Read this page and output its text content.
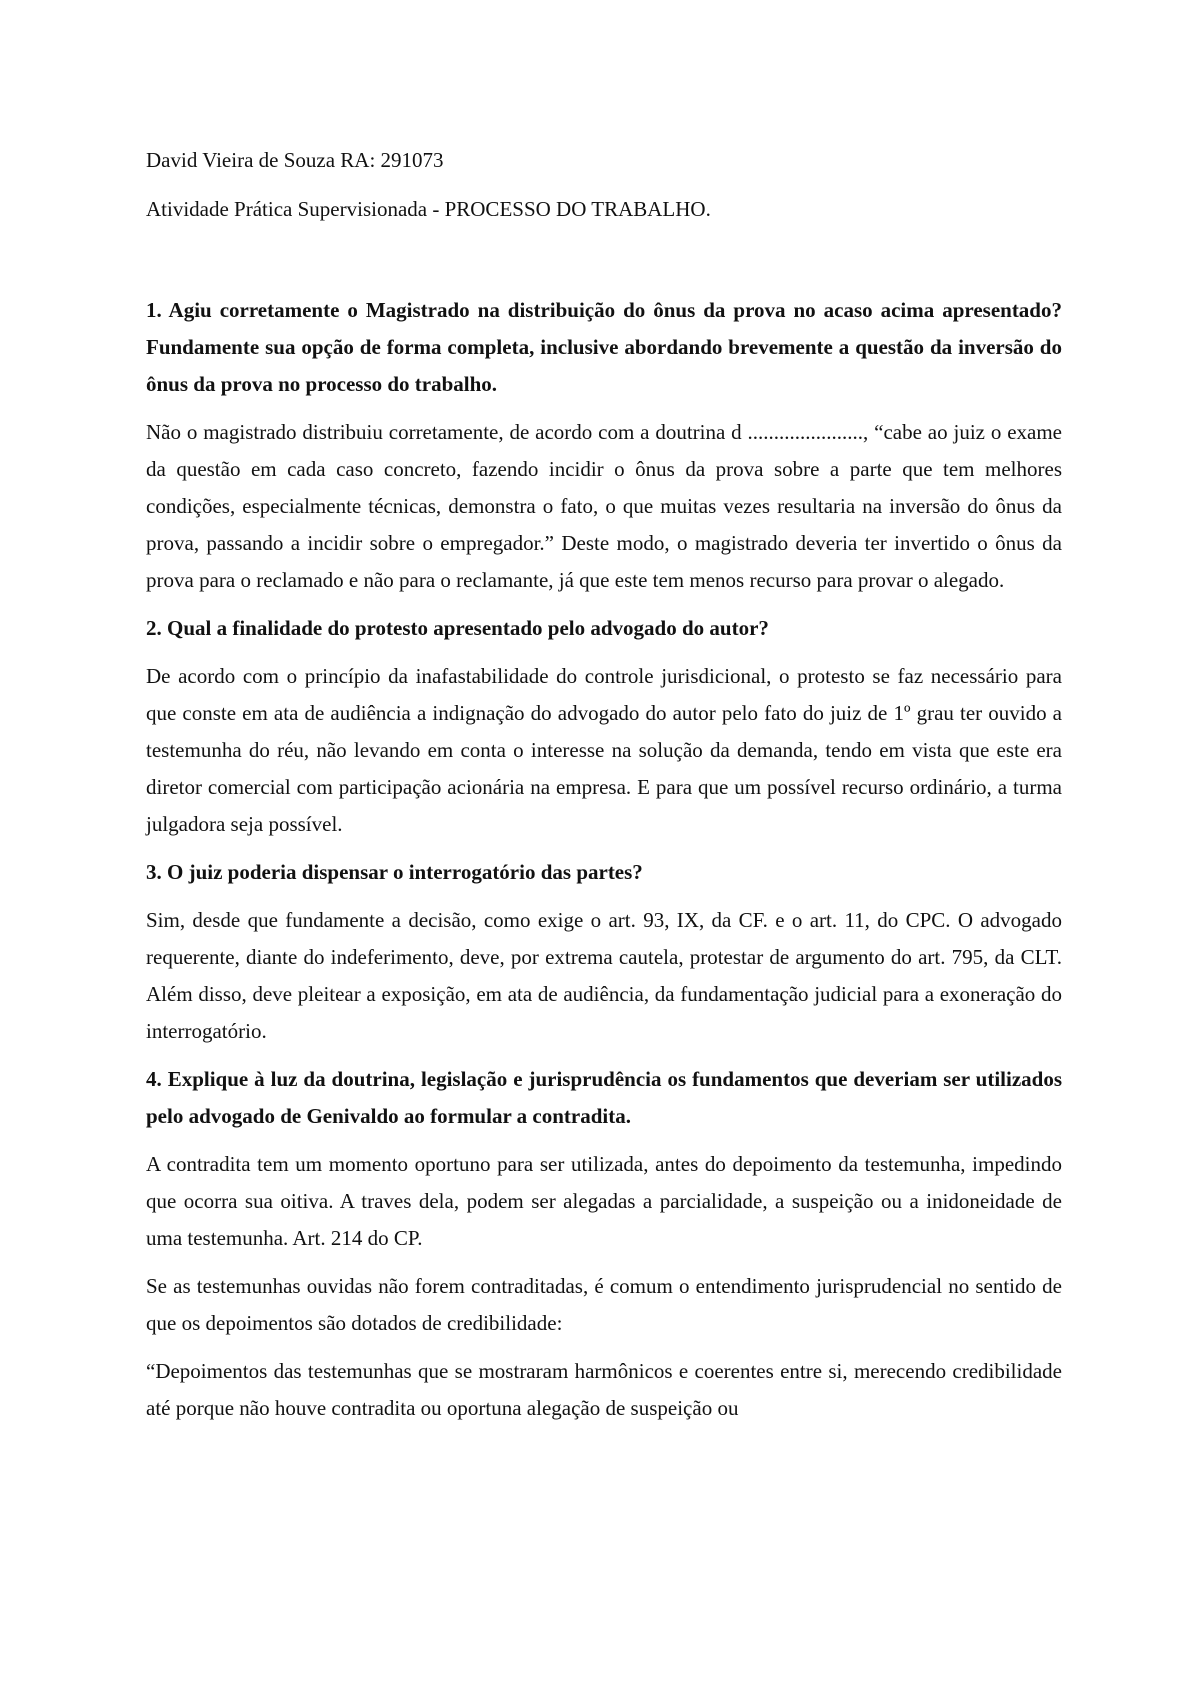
David Vieira de Souza RA: 291073

Atividade Prática Supervisionada - PROCESSO DO TRABALHO.

1. Agiu corretamente o Magistrado na distribuição do ônus da prova no acaso acima apresentado? Fundamente sua opção de forma completa, inclusive abordando brevemente a questão da inversão do ônus da prova no processo do trabalho.

Não o magistrado distribuiu corretamente, de acordo com a doutrina d ......................, “cabe ao juiz o exame da questão em cada caso concreto, fazendo incidir o ônus da prova sobre a parte que tem melhores condições, especialmente técnicas, demonstra o fato, o que muitas vezes resultaria na inversão do ônus da prova, passando a incidir sobre o empregador.” Deste modo, o magistrado deveria ter invertido o ônus da prova para o reclamado e não para o reclamante, já que este tem menos recurso para provar o alegado.

2. Qual a finalidade do protesto apresentado pelo advogado do autor?

De acordo com o princípio da inafastabilidade do controle jurisdicional, o protesto se faz necessário para que conste em ata de audiência a indignação do advogado do autor pelo fato do juiz de 1º grau ter ouvido a testemunha do réu, não levando em conta o interesse na solução da demanda, tendo em vista que este era diretor comercial com participação acionária na empresa. E para que um possível recurso ordinário, a turma julgadora seja possível.

3. O juiz poderia dispensar o interrogatório das partes?

Sim, desde que fundamente a decisão, como exige o art. 93, IX, da CF. e o art. 11, do CPC. O advogado requerente, diante do indeferimento, deve, por extrema cautela, protestar de argumento do art. 795, da CLT. Além disso, deve pleitear a exposição, em ata de audiência, da fundamentação judicial para a exoneração do interrogatório.

4. Explique à luz da doutrina, legislação e jurisprudência os fundamentos que deveriam ser utilizados pelo advogado de Genivaldo ao formular a contradita.

A contradita tem um momento oportuno para ser utilizada, antes do depoimento da testemunha, impedindo que ocorra sua oitiva. A traves dela, podem ser alegadas a parcialidade, a suspeição ou a inidoneidade de uma testemunha. Art. 214 do CP.

Se as testemunhas ouvidas não forem contraditadas, é comum o entendimento jurisprudencial no sentido de que os depoimentos são dotados de credibilidade:

“Depoimentos das testemunhas que se mostraram harmônicos e coerentes entre si, merecendo credibilidade até porque não houve contradita ou oportuna alegação de suspeição ou
